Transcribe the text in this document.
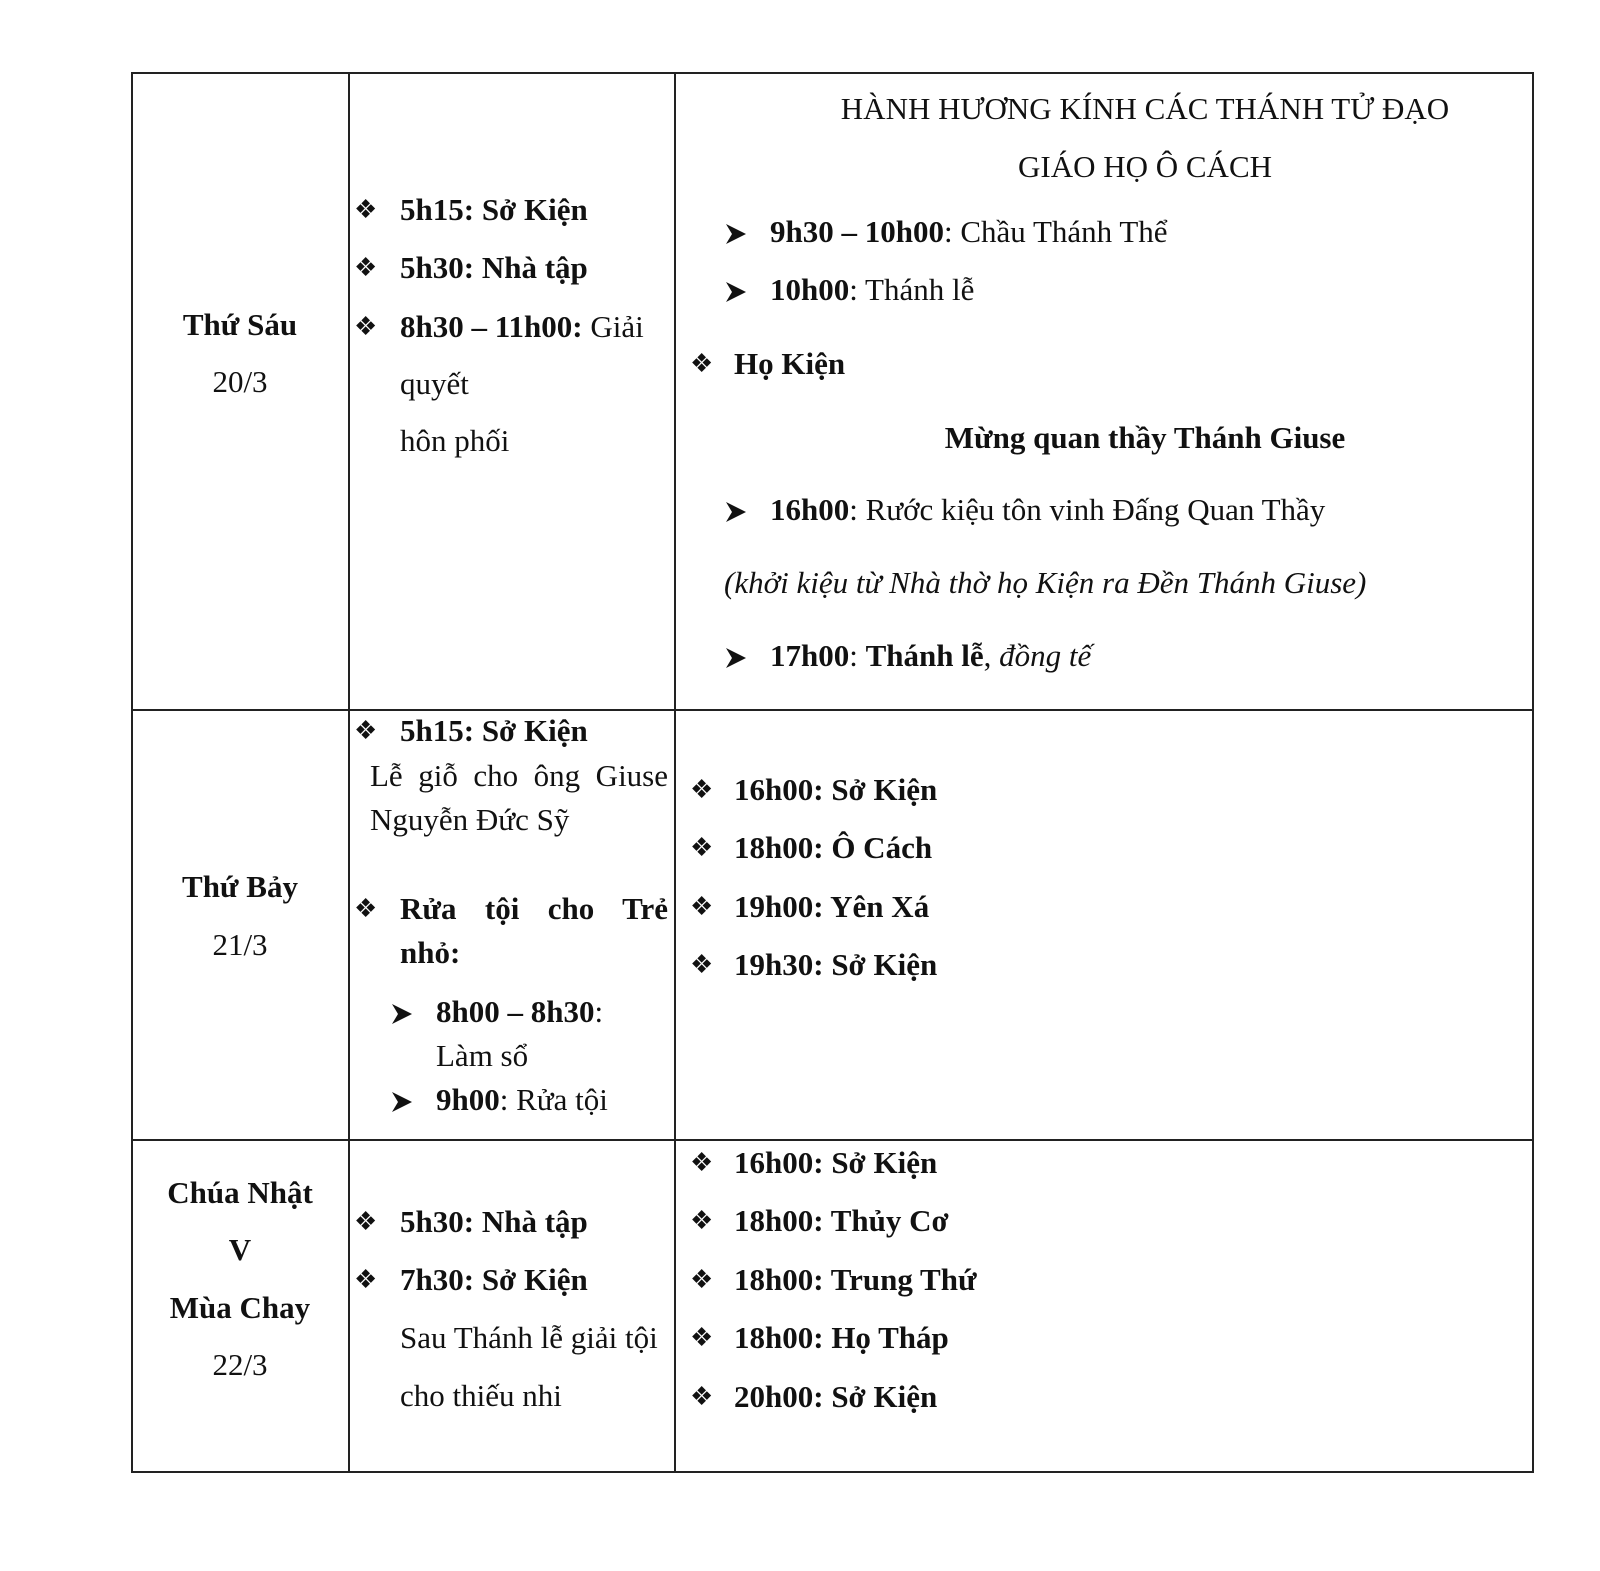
Thứ Sáu
20/3
❖ 5h15: Sở Kiện
❖ 5h30: Nhà tập
❖ 8h30 – 11h00: Giải
quyết
hôn phối
HÀNH HƯƠNG KÍNH CÁC THÁNH TỬ ĐẠO
GIÁO HỌ Ô CÁCH
9h30 – 10h00: Chầu Thánh Thể
10h00: Thánh lễ
❖ Họ Kiện
Mừng quan thầy Thánh Giuse
16h00: Rước kiệu tôn vinh Đấng Quan Thầy
(khởi kiệu từ Nhà thờ họ Kiện ra Đền Thánh Giuse)
17h00: Thánh lễ, đồng tế
Thứ Bảy
21/3
❖ 5h15: Sở Kiện
Lễ giỗ cho ông Giuse
Nguyễn Đức Sỹ
❖ Rửa tội cho Trẻ
nhỏ:
8h00 – 8h30:
Làm sổ
9h00: Rửa tội
❖ 16h00: Sở Kiện
❖ 18h00: Ô Cách
❖ 19h00: Yên Xá
❖ 19h30: Sở Kiện
Chúa Nhật
V
Mùa Chay
22/3
❖ 5h30: Nhà tập
❖ 7h30: Sở Kiện
Sau Thánh lễ giải tội
cho thiếu nhi
❖ 16h00: Sở Kiện
❖ 18h00: Thủy Cơ
❖ 18h00: Trung Thứ
❖ 18h00: Họ Tháp
❖ 20h00: Sở Kiện
